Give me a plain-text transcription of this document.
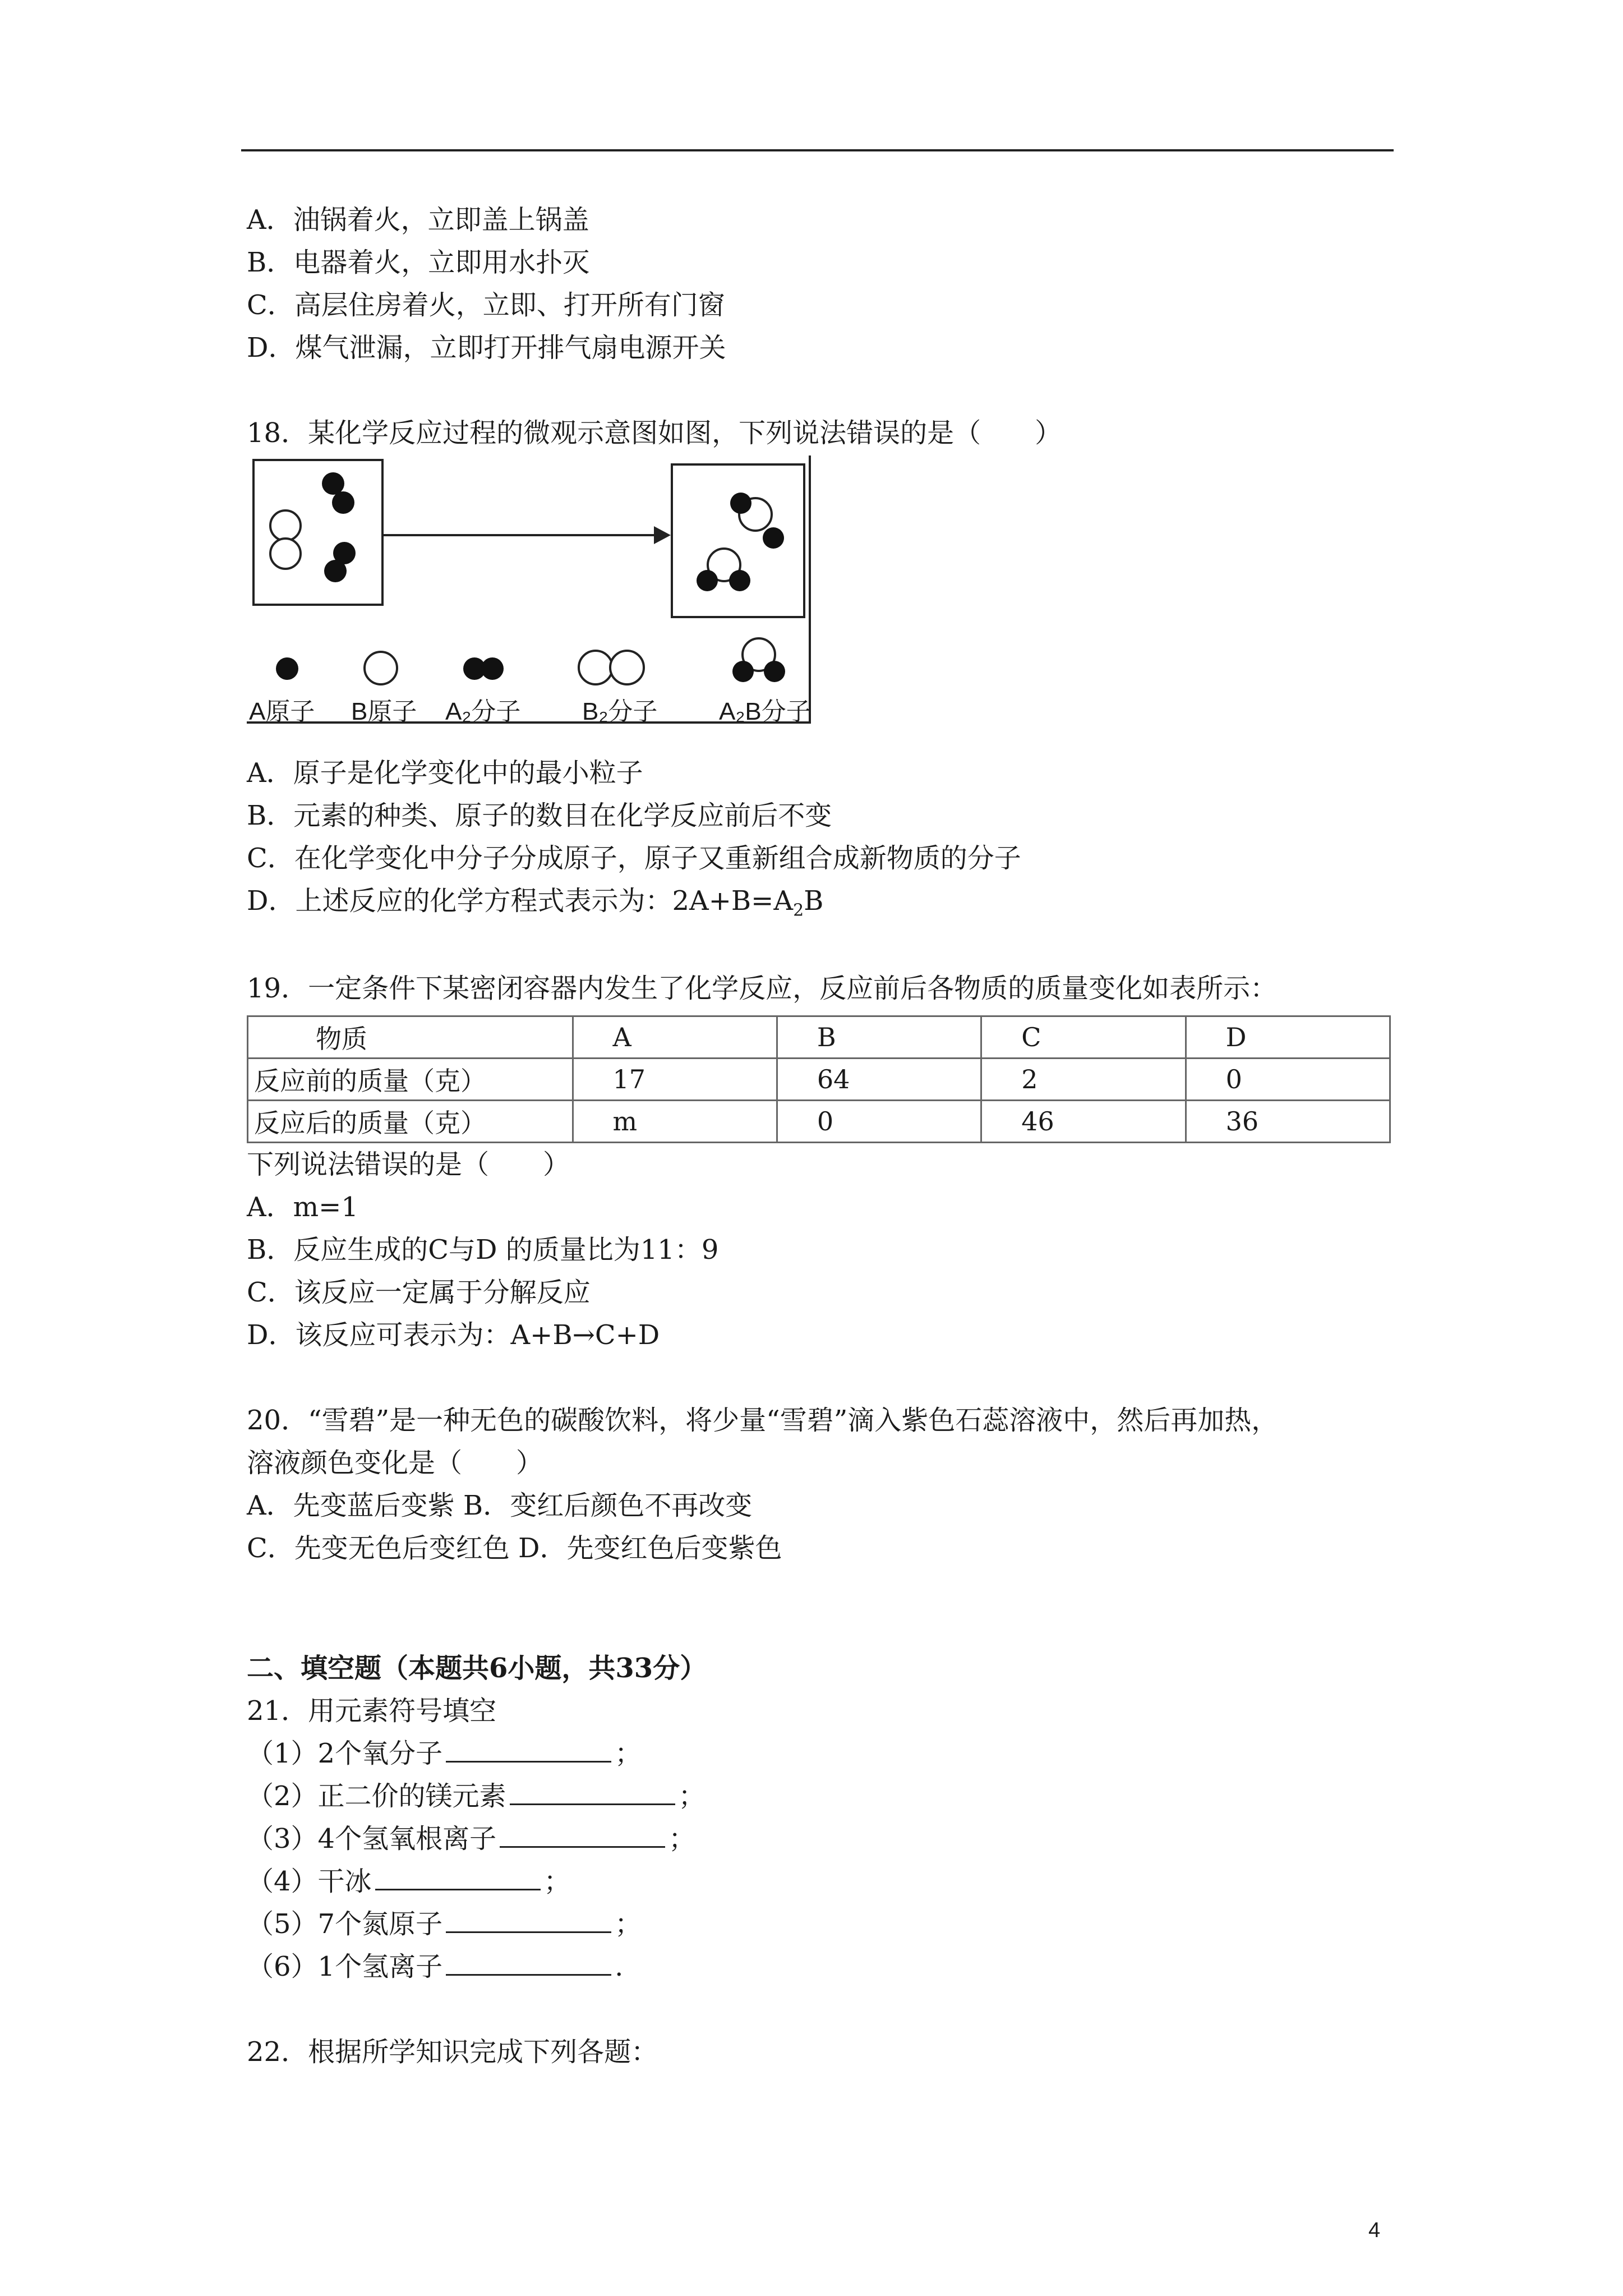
A．油锅着火，立即盖上锅盖
B．电器着火，立即用水扑灭
C．高层住房着火，立即、打开所有门窗
D．煤气泄漏，立即打开排气扇电源开关
18．某化学反应过程的微观示意图如图，下列说法错误的是（　　）
A原子 B原子 A₂分子 B₂分子 A₂B分子
A．原子是化学变化中的最小粒子
B．元素的种类、原子的数目在化学反应前后不变
C．在化学变化中分子分成原子，原子又重新组合成新物质的分子
D．上述反应的化学方程式表示为：$2A+B=A_2B$
19．一定条件下某密闭容器内发生了化学反应，反应前后各物质的质量变化如表所示：
物质	A	B	C	D
反应前的质量（克）	17	64	2	0
反应后的质量（克）	m	0	46	36
下列说法错误的是（　　）
A．m=1
B．反应生成的C与D 的质量比为11：9
C．该反应一定属于分解反应
D．该反应可表示为：A+B→C+D
20．“雪碧”是一种无色的碳酸饮料，将少量“雪碧”滴入紫色石蕊溶液中，然后再加热，
溶液颜色变化是（　　）
A．先变蓝后变紫 B．变红后颜色不再改变
C．先变无色后变红色 D．先变红色后变紫色
二、填空题（本题共6小题，共33分）
21．用元素符号填空
（1）2个氧分子	；
（2）正二价的镁元素	；
（3）4个氢氧根离子	；
（4）干冰	；
（5）7个氮原子	；
（6）1个氢离子	.
22．根据所学知识完成下列各题：
4
